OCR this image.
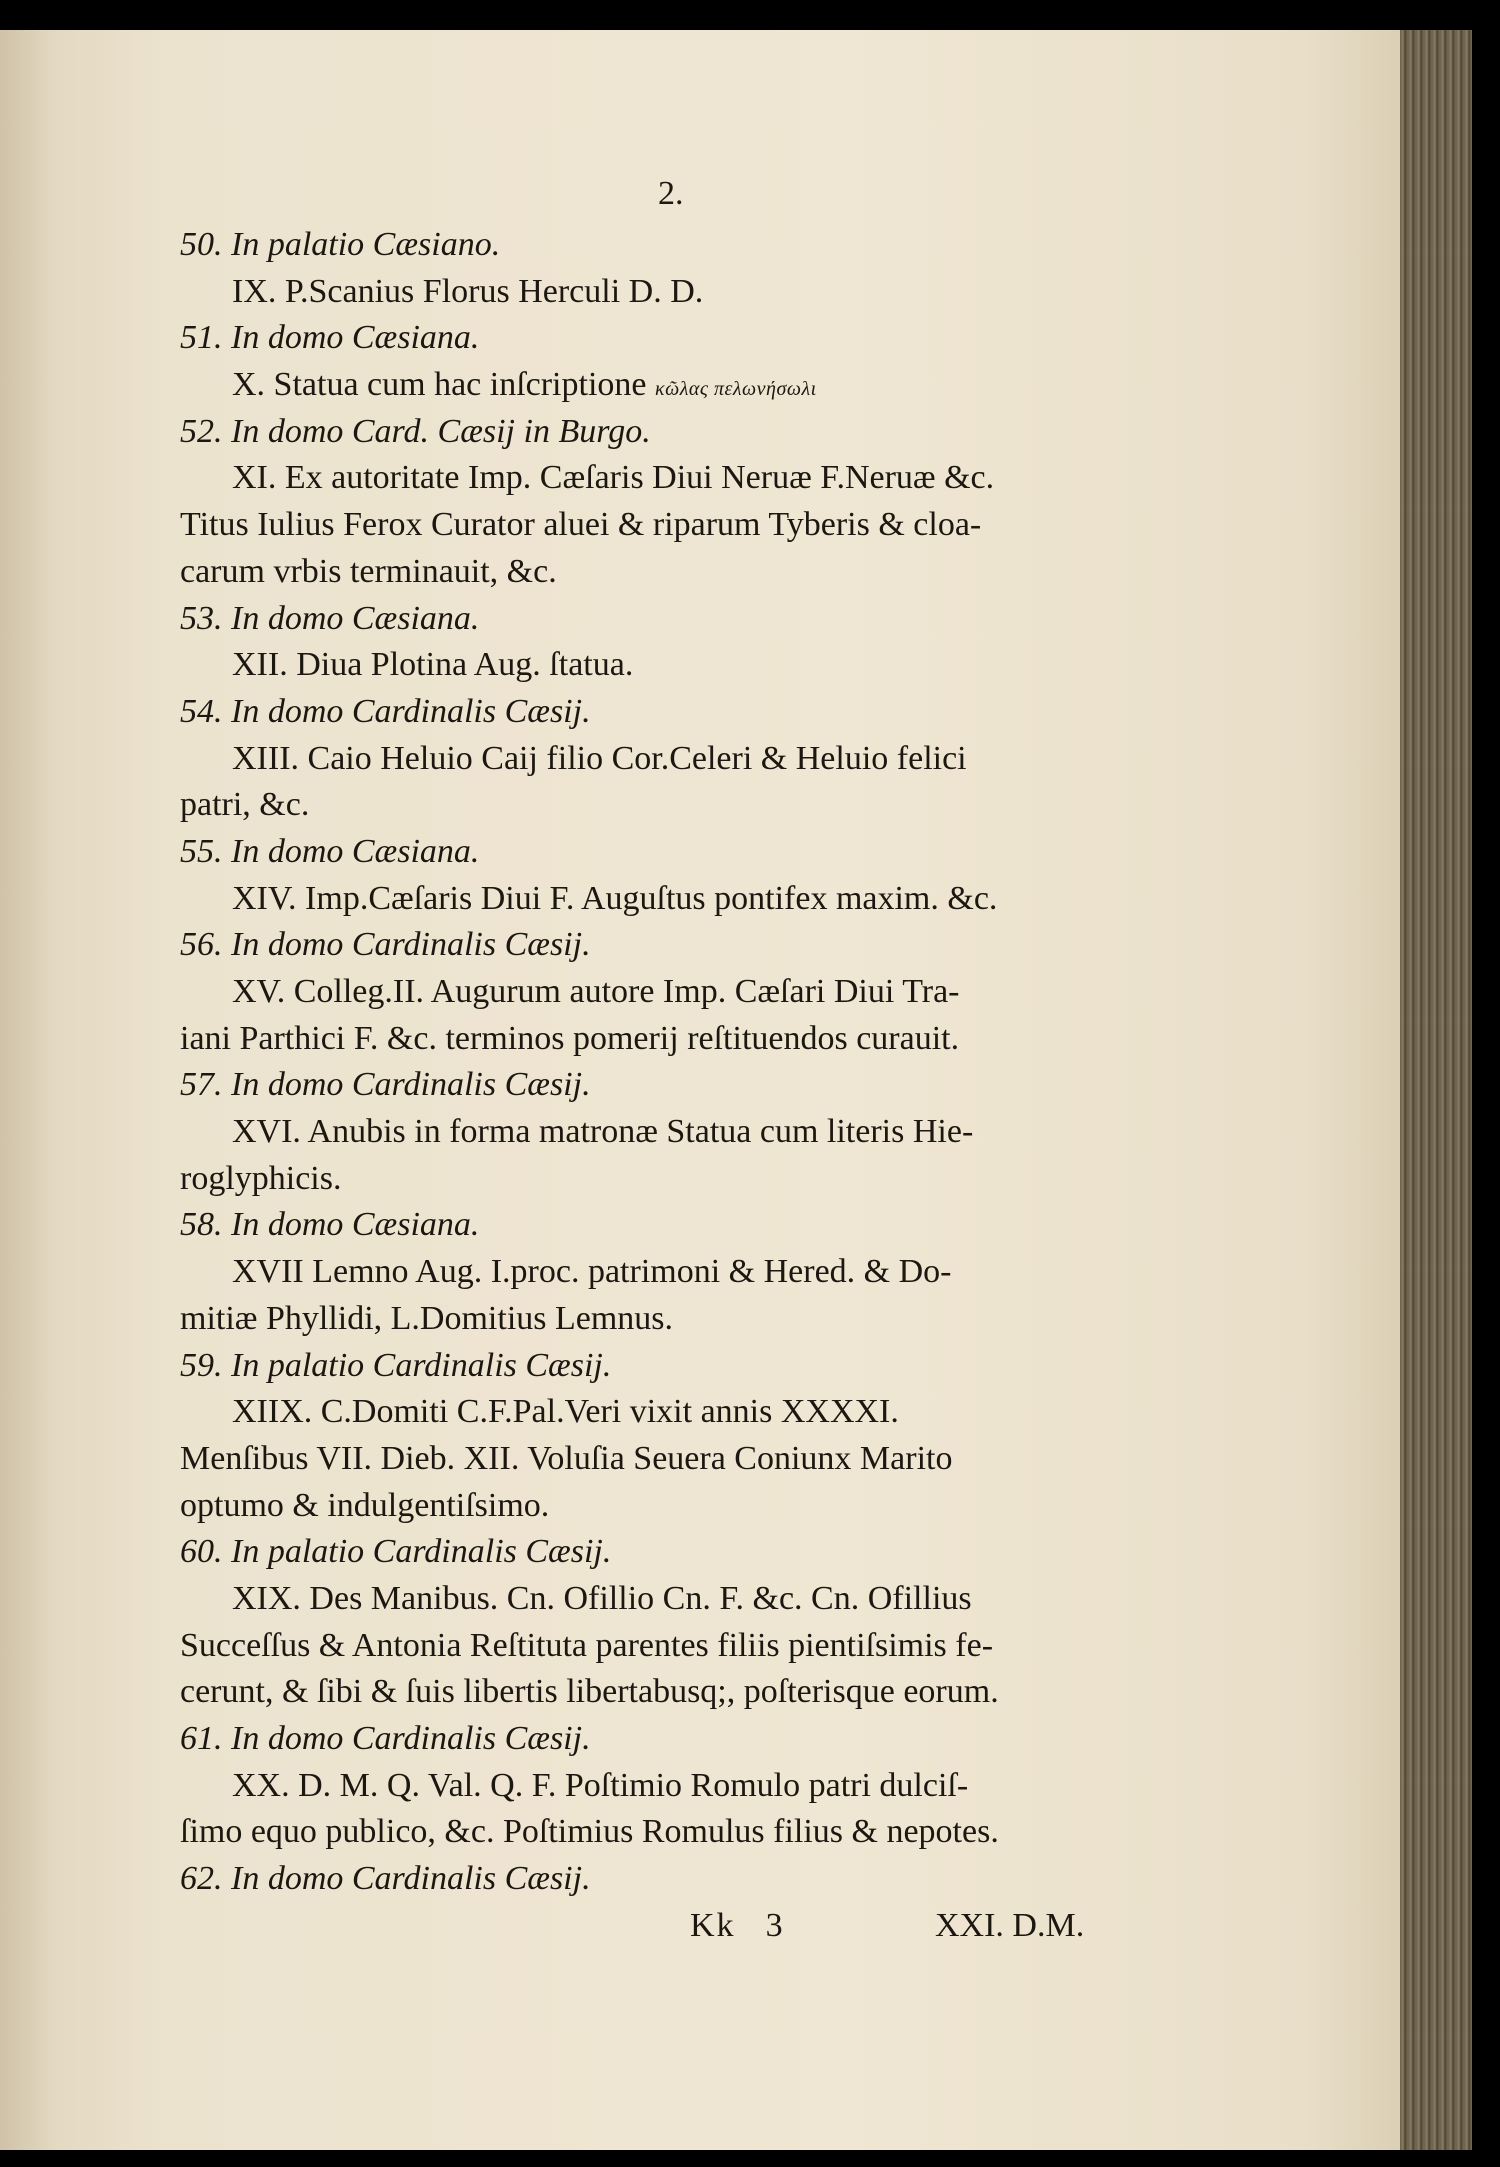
2.
50. In palatio Cæsiano.
IX. P.Scanius Florus Herculi D. D.
51. In domo Cæsiana.
X. Statua cum hac inſcriptione κῶλας πελωνήσωλι
52. In domo Card. Cæsij in Burgo.
XI. Ex autoritate Imp. Cæſaris Diui Neruæ F.Neruæ &c.
Titus Iulius Ferox Curator aluei & riparum Tyberis & cloa-
carum vrbis terminauit, &c.
53. In domo Cæsiana.
XII. Diua Plotina Aug. ſtatua.
54. In domo Cardinalis Cæsij.
XIII. Caio Heluio Caij filio Cor.Celeri & Heluio felici
patri, &c.
55. In domo Cæsiana.
XIV. Imp.Cæſaris Diui F. Auguſtus pontifex maxim. &c.
56. In domo Cardinalis Cæsij.
XV. Colleg.II. Augurum autore Imp. Cæſari Diui Tra-
iani Parthici F. &c. terminos pomerij reſtituendos curauit.
57. In domo Cardinalis Cæsij.
XVI. Anubis in forma matronæ Statua cum literis Hie-
roglyphicis.
58. In domo Cæsiana.
XVII Lemno Aug. I.proc. patrimoni & Hered. & Do-
mitiæ Phyllidi, L.Domitius Lemnus.
59. In palatio Cardinalis Cæsij.
XIIX. C.Domiti C.F.Pal.Veri vixit annis XXXXI.
Menſibus VII. Dieb. XII. Voluſia Seuera Coniunx Marito
optumo & indulgentiſsimo.
60. In palatio Cardinalis Cæsij.
XIX. Des Manibus. Cn. Ofillio Cn. F. &c. Cn. Ofillius
Succeſſus & Antonia Reſtituta parentes filiis pientiſsimis fe-
cerunt, & ſibi & ſuis libertis libertabusq;, poſterisque eorum.
61. In domo Cardinalis Cæsij.
XX. D. M. Q. Val. Q. F. Poſtimio Romulo patri dulciſ-
ſimo equo publico, &c. Poſtimius Romulus filius & nepotes.
62. In domo Cardinalis Cæsij.
Kk 3	XXI. D.M.
